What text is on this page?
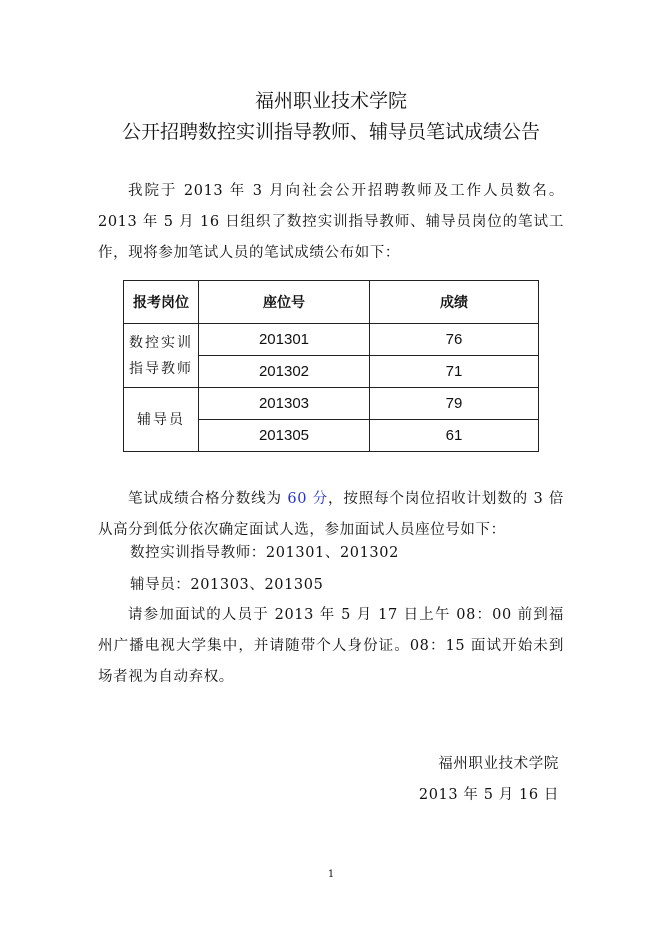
福州职业技术学院
公开招聘数控实训指导教师、辅导员笔试成绩公告
我院于 2013 年 3 月向社会公开招聘教师及工作人员数名。2013 年 5 月 16 日组织了数控实训指导教师、辅导员岗位的笔试工作，现将参加笔试人员的笔试成绩公布如下：
报考岗位	座位号	成绩
数控实训指导教师	201301	76
	201302	71
辅导员	201303	79
	201305	61
笔试成绩合格分数线为 60 分，按照每个岗位招收计划数的 3 倍从高分到低分依次确定面试人选，参加面试人员座位号如下：
数控实训指导教师：201301、201302
辅导员：201303、201305
请参加面试的人员于 2013 年 5 月 17 日上午 08：00 前到福州广播电视大学集中，并请随带个人身份证。08：15 面试开始未到场者视为自动弃权。
福州职业技术学院
2013 年 5 月 16 日
1
